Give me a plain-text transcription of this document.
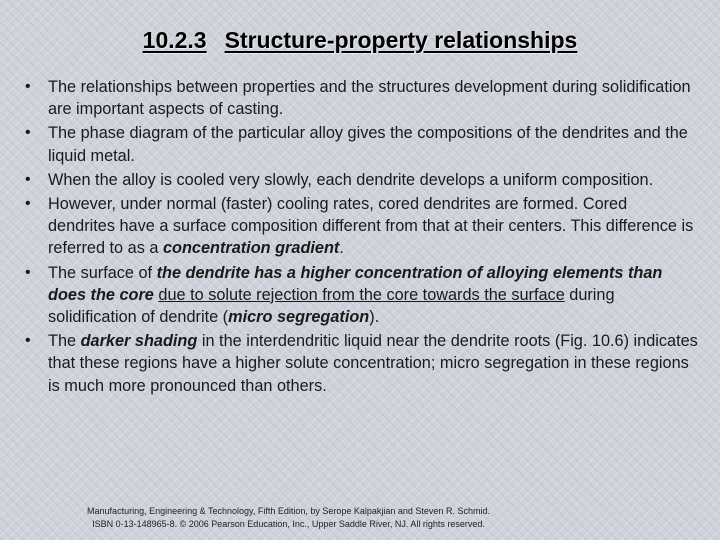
10.2.3 Structure-property relationships
• The relationships between properties and the structures development during solidification are important aspects of casting.
• The phase diagram of the particular alloy gives the compositions of the dendrites and the liquid metal.
• When the alloy is cooled very slowly, each dendrite develops a uniform composition.
• However, under normal (faster) cooling rates, cored dendrites are formed. Cored dendrites have a surface composition different from that at their centers. This difference is referred to as a concentration gradient.
• The surface of the dendrite has a higher concentration of alloying elements than does the core due to solute rejection from the core towards the surface during solidification of dendrite (micro segregation).
• The darker shading in the interdendritic liquid near the dendrite roots (Fig. 10.6) indicates that these regions have a higher solute concentration; micro segregation in these regions is much more pronounced than others.
Manufacturing, Engineering & Technology, Fifth Edition, by Serope Kalpakjian and Steven R. Schmid.
ISBN 0-13-148965-8. © 2006 Pearson Education, Inc., Upper Saddle River, NJ. All rights reserved.
